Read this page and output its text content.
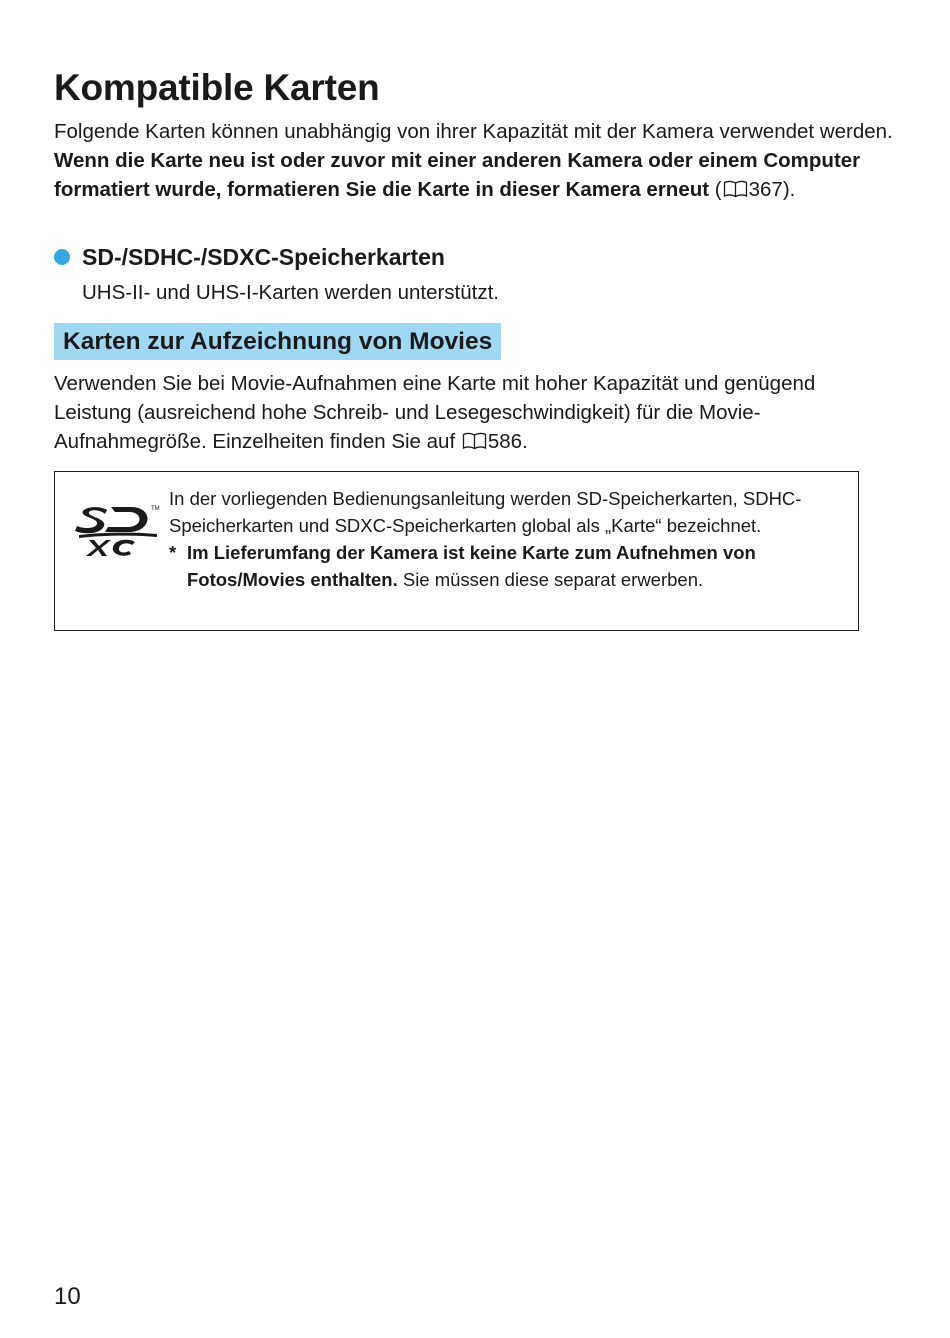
Kompatible Karten
Folgende Karten können unabhängig von ihrer Kapazität mit der Kamera verwendet werden. Wenn die Karte neu ist oder zuvor mit einer anderen Kamera oder einem Computer formatiert wurde, formatieren Sie die Karte in dieser Kamera erneut ( 367).
SD-/SDHC-/SDXC-Speicherkarten
UHS-II- und UHS-I-Karten werden unterstützt.
Karten zur Aufzeichnung von Movies
Verwenden Sie bei Movie-Aufnahmen eine Karte mit hoher Kapazität und genügend Leistung (ausreichend hohe Schreib- und Lesegeschwindigkeit) für die Movie-Aufnahmegröße. Einzelheiten finden Sie auf
586.
TM In der vorliegenden Bedienungsanleitung werden SD-Speicherkarten, SDHC-Speicherkarten und SDXC-Speicherkarten global als „Karte“ bezeichnet.
* Im Lieferumfang der Kamera ist keine Karte zum Aufnehmen von Fotos/Movies enthalten. Sie müssen diese separat erwerben.
10
